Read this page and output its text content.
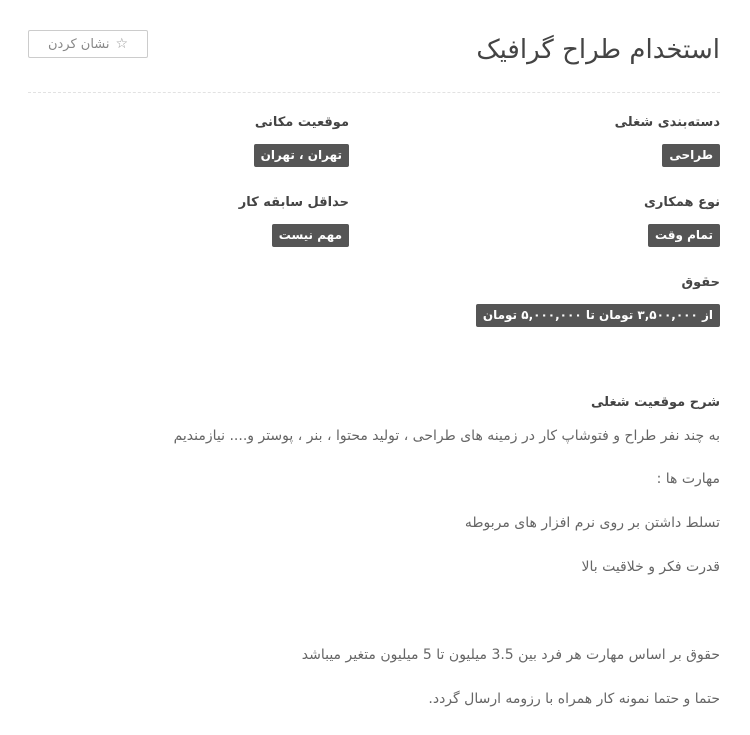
استخدام طراح گرافیک
☆
نشان کردن
دسته‌بندی شغلی
طراحی
موقعیت مکانی
تهران ، تهران
نوع همکاری
تمام وقت
حداقل سابقه کار
مهم نیست
حقوق
از ۳,۵۰۰,۰۰۰ تومان تا ۵,۰۰۰,۰۰۰ تومان
شرح موقعیت شغلی
به چند نفر طراح و فتوشاپ کار در زمینه های طراحی ، تولید محتوا ، بنر ، پوستر و.... نیازمندیم
مهارت ها :
تسلط داشتن بر روی نرم افزار های مربوطه
قدرت فکر و خلاقیت بالا
حقوق بر اساس مهارت هر فرد بین 3.5 میلیون تا 5 میلیون متغیر میباشد
حتما و حتما نمونه کار همراه با رزومه ارسال گردد.
